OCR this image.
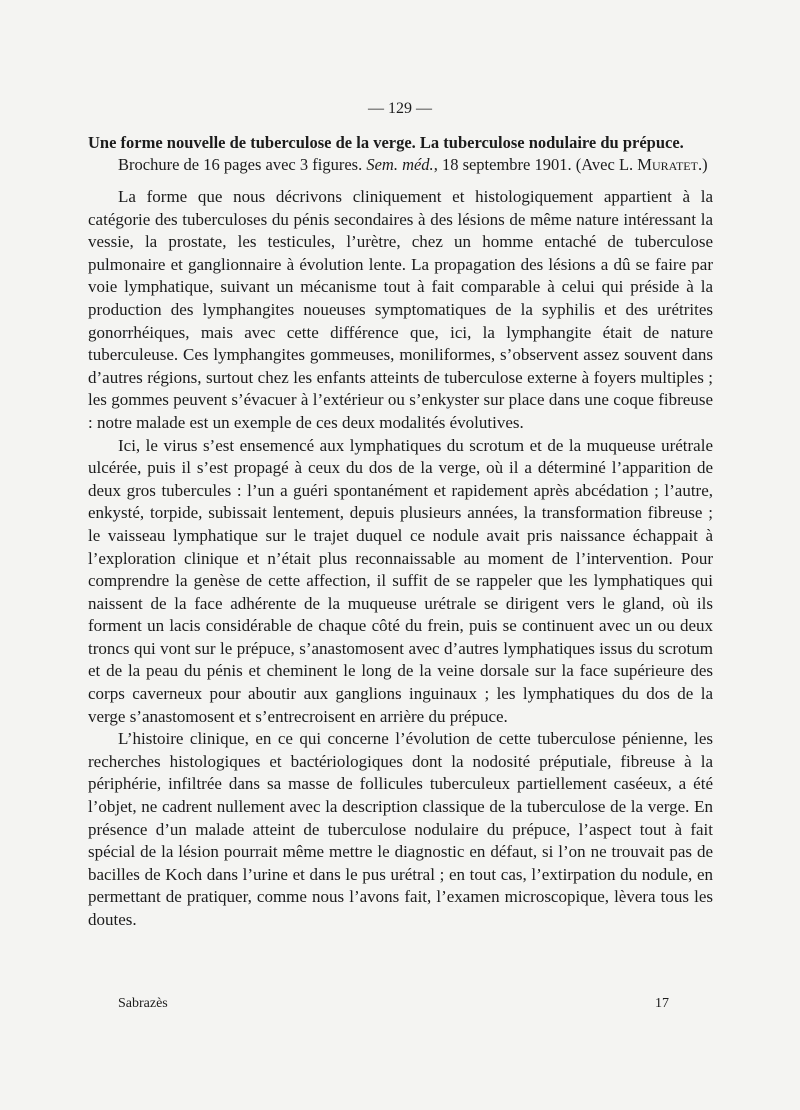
— 129 —
Une forme nouvelle de tuberculose de la verge. La tuberculose nodulaire du prépuce.
Brochure de 16 pages avec 3 figures. Sem. méd., 18 septembre 1901. (Avec L. Muratet.)

La forme que nous décrivons cliniquement et histologiquement appartient à la catégorie des tuberculoses du pénis secondaires à des lésions de même nature intéressant la vessie, la prostate, les testicules, l’urètre, chez un homme entaché de tuberculose pulmonaire et ganglionnaire à évolution lente. La propagation des lésions a dû se faire par voie lymphatique, suivant un mécanisme tout à fait comparable à celui qui préside à la production des lymphangites noueuses symptomatiques de la syphilis et des urétrites gonorrhéiques, mais avec cette différence que, ici, la lymphangite était de nature tuberculeuse. Ces lymphangites gommeuses, moniliformes, s’observent assez souvent dans d’autres régions, surtout chez les enfants atteints de tuberculose externe à foyers multiples ; les gommes peuvent s’évacuer à l’extérieur ou s’enkyster sur place dans une coque fibreuse : notre malade est un exemple de ces deux modalités évolutives.

Ici, le virus s’est ensemencé aux lymphatiques du scrotum et de la muqueuse urétrale ulcérée, puis il s’est propagé à ceux du dos de la verge, où il a déterminé l’apparition de deux gros tubercules : l’un a guéri spontanément et rapidement après abcédation ; l’autre, enkysté, torpide, subissait lentement, depuis plusieurs années, la transformation fibreuse ; le vaisseau lymphatique sur le trajet duquel ce nodule avait pris naissance échappait à l’exploration clinique et n’était plus reconnaissable au moment de l’intervention. Pour comprendre la genèse de cette affection, il suffit de se rappeler que les lymphatiques qui naissent de la face adhérente de la muqueuse urétrale se dirigent vers le gland, où ils forment un lacis considérable de chaque côté du frein, puis se continuent avec un ou deux troncs qui vont sur le prépuce, s’anastomosent avec d’autres lymphatiques issus du scrotum et de la peau du pénis et cheminent le long de la veine dorsale sur la face supérieure des corps caverneux pour aboutir aux ganglions inguinaux ; les lymphatiques du dos de la verge s’anastomosent et s’entrecroisent en arrière du prépuce.

L’histoire clinique, en ce qui concerne l’évolution de cette tuberculose pénienne, les recherches histologiques et bactériologiques dont la nodosité préputiale, fibreuse à la périphérie, infiltrée dans sa masse de follicules tuberculeux partiellement caséeux, a été l’objet, ne cadrent nullement avec la description classique de la tuberculose de la verge. En présence d’un malade atteint de tuberculose nodulaire du prépuce, l’aspect tout à fait spécial de la lésion pourrait même mettre le diagnostic en défaut, si l’on ne trouvait pas de bacilles de Koch dans l’urine et dans le pus urétral ; en tout cas, l’extirpation du nodule, en permettant de pratiquer, comme nous l’avons fait, l’examen microscopique, lèvera tous les doutes.

Sabrazès	17
